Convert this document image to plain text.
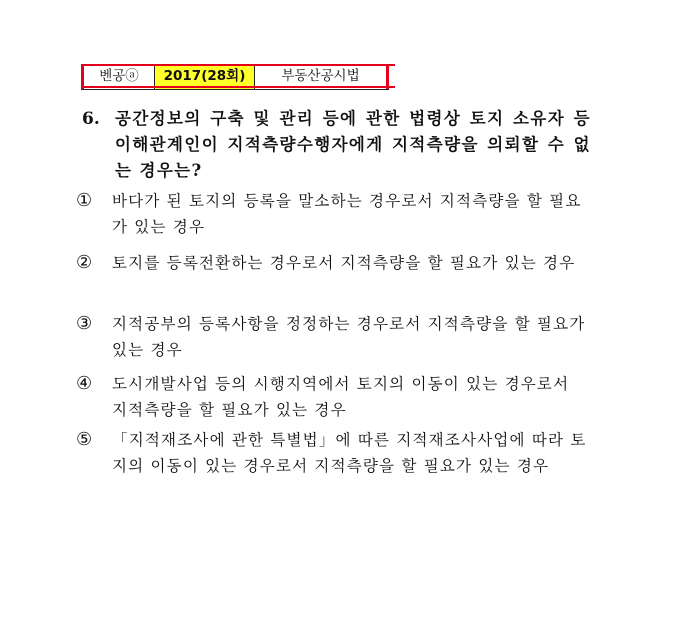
벤공ⓐ	2017(28회)	부동산공시법
6. 공간정보의 구축 및 관리 등에 관한 법령상 토지 소유자 등 이해관계인이 지적측량수행자에게 지적측량을 의뢰할 수 없는 경우는?
① 바다가 된 토지의 등록을 말소하는 경우로서 지적측량을 할 필요가 있는 경우
② 토지를 등록전환하는 경우로서 지적측량을 할 필요가 있는 경우
③ 지적공부의 등록사항을 정정하는 경우로서 지적측량을 할 필요가 있는 경우
④ 도시개발사업 등의 시행지역에서 토지의 이동이 있는 경우로서 지적측량을 할 필요가 있는 경우
⑤ 「지적재조사에 관한 특별법」에 따른 지적재조사사업에 따라 토지의 이동이 있는 경우로서 지적측량을 할 필요가 있는 경우
